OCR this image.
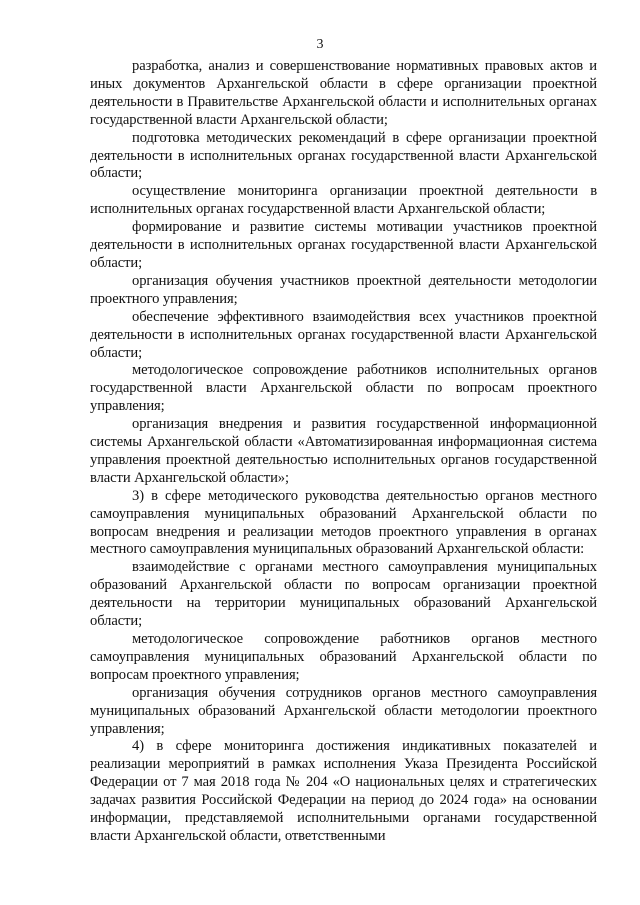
3

разработка, анализ и совершенствование нормативных правовых актов и иных документов Архангельской области в сфере организации проектной деятельности в Правительстве Архангельской области и исполнительных органах государственной власти Архангельской области;

подготовка методических рекомендаций в сфере организации проектной деятельности в исполнительных органах государственной власти Архангельской области;

осуществление мониторинга организации проектной деятельности в исполнительных органах государственной власти Архангельской области;

формирование и развитие системы мотивации участников проектной деятельности в исполнительных органах государственной власти Архангельской области;

организация обучения участников проектной деятельности методологии проектного управления;

обеспечение эффективного взаимодействия всех участников проектной деятельности в исполнительных органах государственной власти Архангельской области;

методологическое сопровождение работников исполнительных органов государственной власти Архангельской области по вопросам проектного управления;

организация внедрения и развития государственной информационной системы Архангельской области «Автоматизированная информационная система управления проектной деятельностью исполнительных органов государственной власти Архангельской области»;

3) в сфере методического руководства деятельностью органов местного самоуправления муниципальных образований Архангельской области по вопросам внедрения и реализации методов проектного управления в органах местного самоуправления муниципальных образований Архангельской области:

взаимодействие с органами местного самоуправления муниципальных образований Архангельской области по вопросам организации проектной деятельности на территории муниципальных образований Архангельской области;

методологическое сопровождение работников органов местного самоуправления муниципальных образований Архангельской области по вопросам проектного управления;

организация обучения сотрудников органов местного самоуправления муниципальных образований Архангельской области методологии проектного управления;

4) в сфере мониторинга достижения индикативных показателей и реализации мероприятий в рамках исполнения Указа Президента Российской Федерации от 7 мая 2018 года № 204 «О национальных целях и стратегических задачах развития Российской Федерации на период до 2024 года» на основании информации, представляемой исполнительными органами государственной власти Архангельской области, ответственными
